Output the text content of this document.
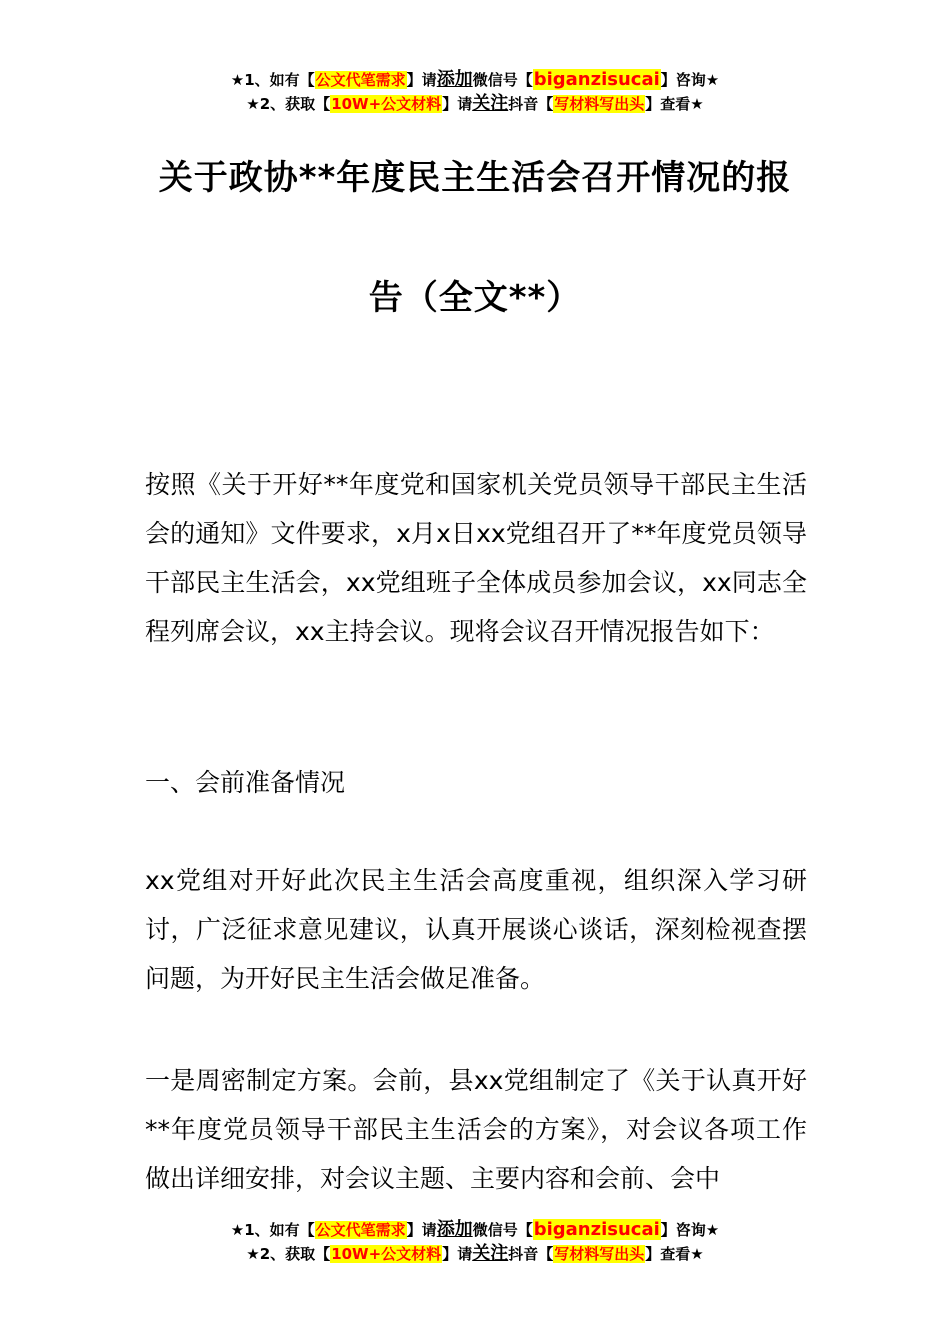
★1、如有【公文代笔需求】请添加微信号【biganzisucai】咨询★
★2、获取【10W+公文材料】请关注抖音【写材料写出头】查看★
关于政协**年度民主生活会召开情况的报
告（全文**）

按照《关于开好**年度党和国家机关党员领导干部民主生活会的通知》文件要求，x月x日xx党组召开了**年度党员领导干部民主生活会，xx党组班子全体成员参加会议，xx同志全程列席会议，xx主持会议。现将会议召开情况报告如下：

一、会前准备情况

xx党组对开好此次民主生活会高度重视，组织深入学习研讨，广泛征求意见建议，认真开展谈心谈话，深刻检视查摆问题，为开好民主生活会做足准备。

一是周密制定方案。会前，县xx党组制定了《关于认真开好**年度党员领导干部民主生活会的方案》，对会议各项工作做出详细安排，对会议主题、主要内容和会前、会中

★1、如有【公文代笔需求】请添加微信号【biganzisucai】咨询★
★2、获取【10W+公文材料】请关注抖音【写材料写出头】查看★
